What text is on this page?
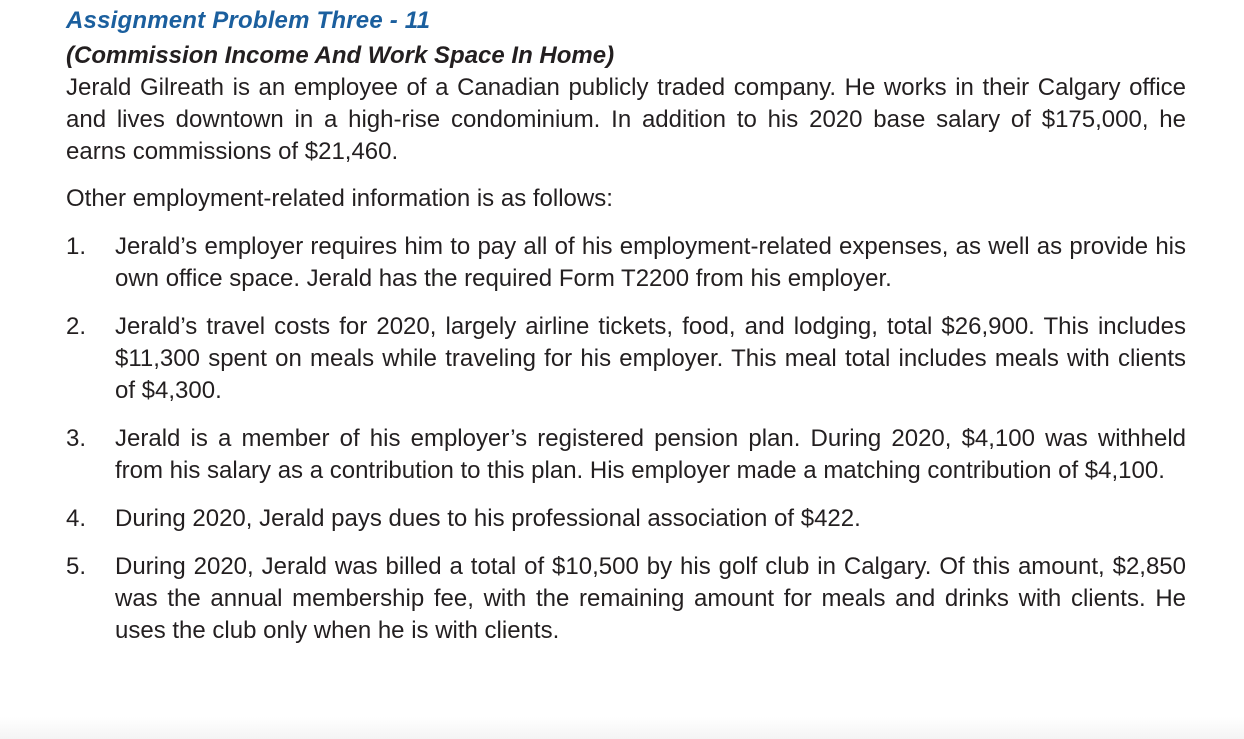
Assignment Problem Three - 11
(Commission Income And Work Space In Home)

Jerald Gilreath is an employee of a Canadian publicly traded company. He works in their Calgary office and lives downtown in a high-rise condominium. In addition to his 2020 base salary of $175,000, he earns commissions of $21,460.

Other employment-related information is as follows:

1. Jerald’s employer requires him to pay all of his employment-related expenses, as well as provide his own office space. Jerald has the required Form T2200 from his employer.
2. Jerald’s travel costs for 2020, largely airline tickets, food, and lodging, total $26,900. This includes $11,300 spent on meals while traveling for his employer. This meal total includes meals with clients of $4,300.
3. Jerald is a member of his employer’s registered pension plan. During 2020, $4,100 was withheld from his salary as a contribution to this plan. His employer made a matching contribution of $4,100.
4. During 2020, Jerald pays dues to his professional association of $422.
5. During 2020, Jerald was billed a total of $10,500 by his golf club in Calgary. Of this amount, $2,850 was the annual membership fee, with the remaining amount for meals and drinks with clients. He uses the club only when he is with clients.
